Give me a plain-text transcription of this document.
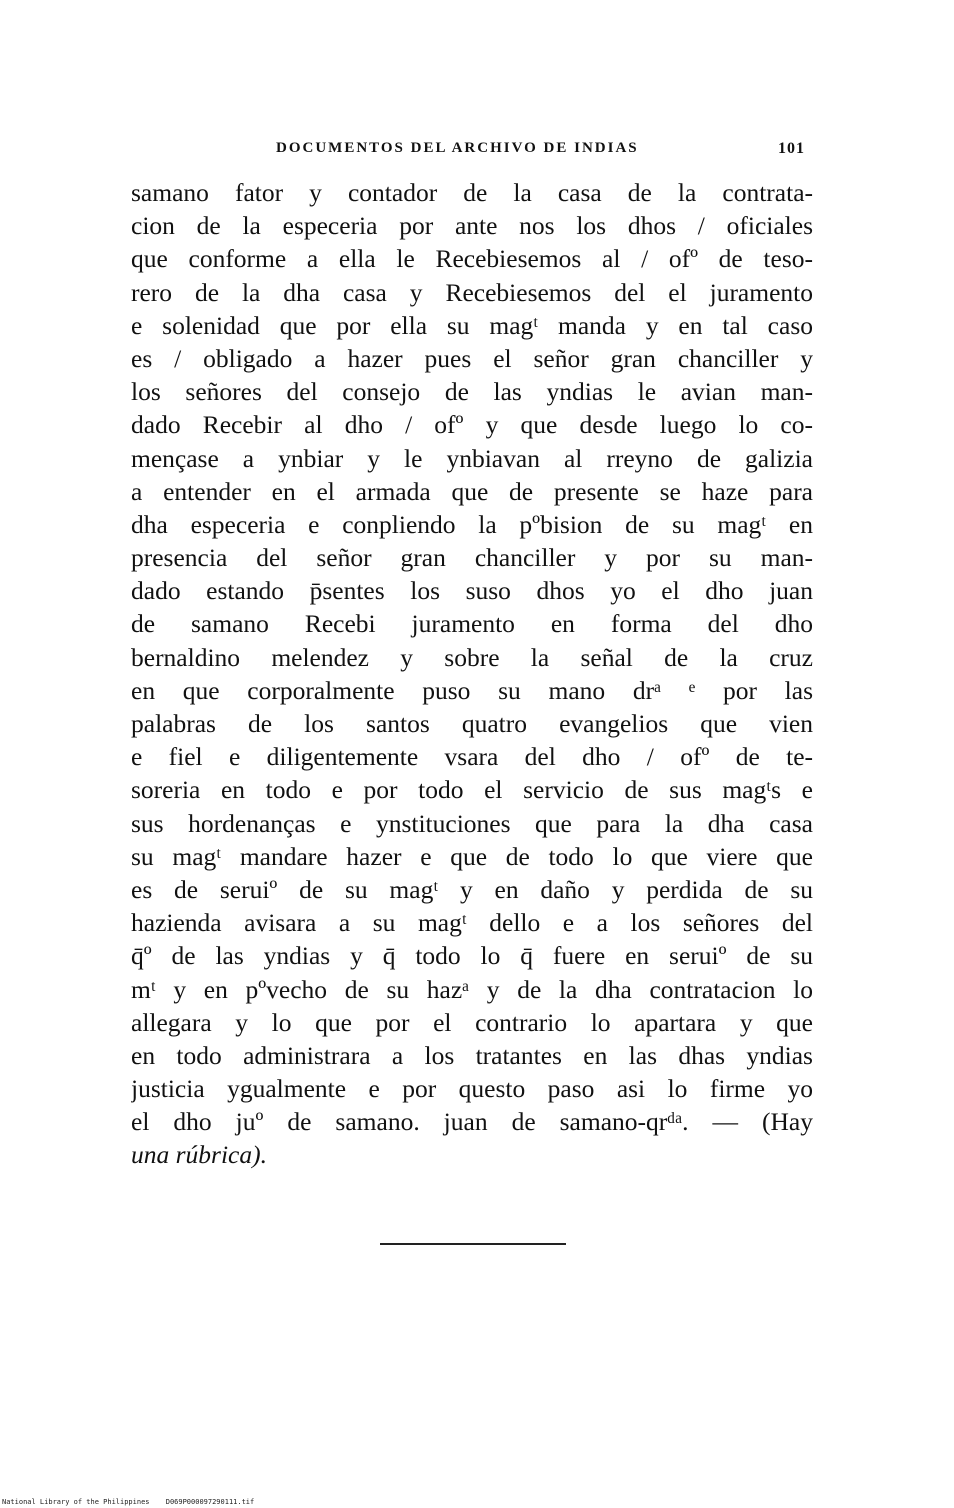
DOCUMENTOS DEL ARCHIVO DE INDIAS	101
samano fator y contador de la casa de la contrata-
cion de la especeria por ante nos los dhos / oficiales
que conforme a ella le Recebiesemos al / ofº de teso-
rero de la dha casa y Recebiesemos del el juramento
e solenidad que por ella su magᵗ manda y en tal caso
es / obligado a hazer pues el señor gran chanciller y
los señores del consejo de las yndias le avian man-
dado Recebir al dho / ofº y que desde luego lo co-
mençase a ynbiar y le ynbiavan al rreyno de galizia
a entender en el armada que de presente se haze para
dha especeria e conpliendo la pºbision de su magᵗ en
presencia del señor gran chanciller y por su man-
dado estando p̄sentes los suso dhos yo el dho juan
de samano Recebi juramento en forma del dho
bernaldino melendez y sobre la señal de la cruz
en que corporalmente puso su mano drᵃ ᵉ por las
palabras de los santos quatro evangelios que vien
e fiel e diligentemente vsara del dho / ofº de te-
soreria en todo e por todo el servicio de sus magᵗs e
sus hordenanças e ynstituciones que para la dha casa
su magᵗ mandare hazer e que de todo lo que viere que
es de seruiº de su magᵗ y en daño y perdida de su
hazienda avisara a su magᵗ dello e a los señores del
q̄º de las yndias y q̄ todo lo q̄ fuere en seruiº de su
mᵗ y en pºvecho de su hazᵃ y de la dha contratacion lo
allegara y lo que por el contrario lo apartara y que
en todo administrara a los tratantes en las dhas yndias
justicia ygualmente e por questo paso asi lo firme yo
el dho juº de samano. juan de samano-qrᵈᵃ. — (Hay
una rúbrica).
National Library of the Philippines D069P000097290111.tif
